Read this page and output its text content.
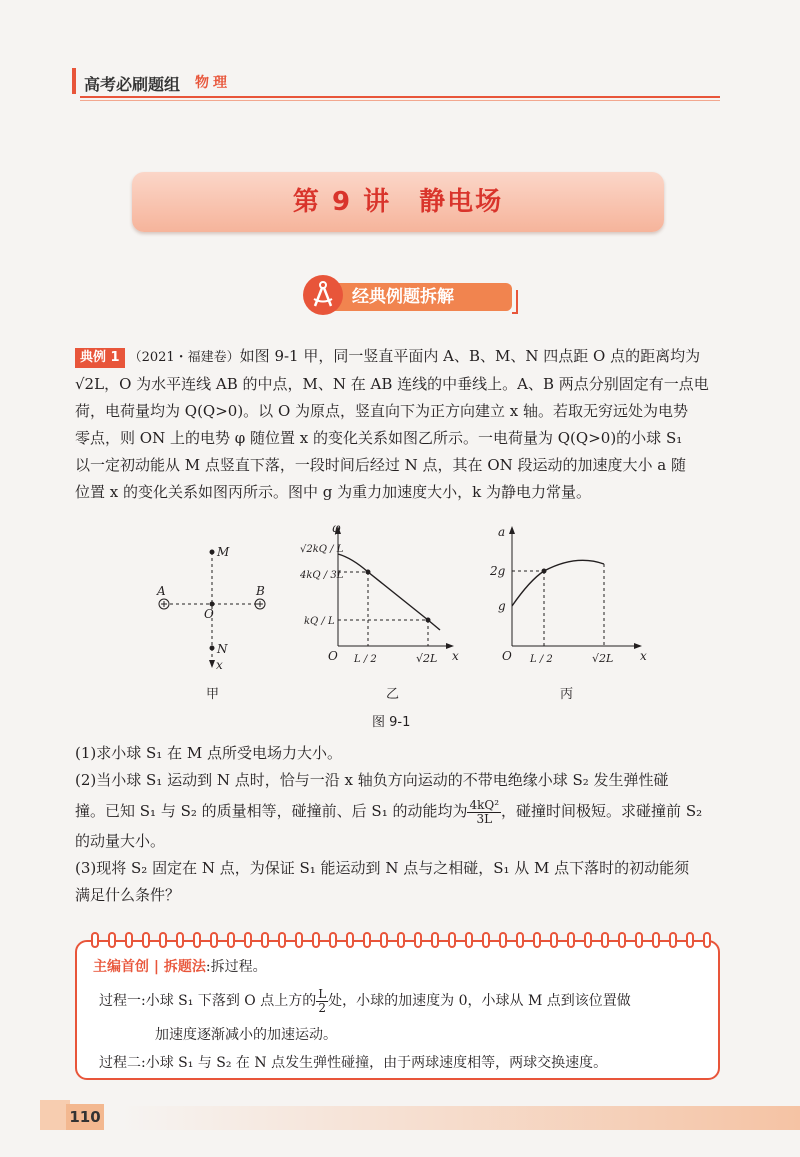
高考必刷题组 物理
第 9 讲　静电场
经典例题拆解
典例 1 （2021・福建卷）如图 9-1 甲，同一竖直平面内 A、B、M、N 四点距 O 点的距离均为
√2L，O 为水平连线 AB 的中点，M、N 在 AB 连线的中垂线上。A、B 两点分别固定有一点电
荷，电荷量均为 Q(Q>0)。以 O 为原点，竖直向下为正方向建立 x 轴。若取无穷远处为电势
零点，则 ON 上的电势 φ 随位置 x 的变化关系如图乙所示。一电荷量为 Q(Q>0)的小球 S₁
以一定初动能从 M 点竖直下落，一段时间后经过 N 点，其在 ON 段运动的加速度大小 a 随
位置 x 的变化关系如图丙所示。图中 g 为重力加速度大小，k 为静电力常量。
M
O
N
x
A	B
φ
√2kQ / L
4kQ / 3L
kQ / L
O L / 2	√2L x
a
2g
g
O L / 2	√2L x
甲	乙	丙
图 9-1
(1)求小球 S₁ 在 M 点所受电场力大小。
(2)当小球 S₁ 运动到 N 点时，恰与一沿 x 轴负方向运动的不带电绝缘小球 S₂ 发生弹性碰
撞。已知 S₁ 与 S₂ 的质量相等，碰撞前、后 S₁ 的动能均为 $\frac{\text{4kQ²}}{3L}$ ，碰撞时间极短。求碰撞前 S₂
的动量大小。
(3)现将 S₂ 固定在 N 点，为保证 S₁ 能运动到 N 点与之相碰，S₁ 从 M 点下落时的初动能须
满足什么条件？
主编首创 | 拆题法:拆过程。
过程一:小球 S₁ 下落到 O 点上方的 $\frac{L}{2}$ 处，小球的加速度为 0，小球从 M 点到该位置做
加速度逐渐减小的加速运动。
过程二:小球 S₁ 与 S₂ 在 N 点发生弹性碰撞，由于两球速度相等，两球交换速度。
110
